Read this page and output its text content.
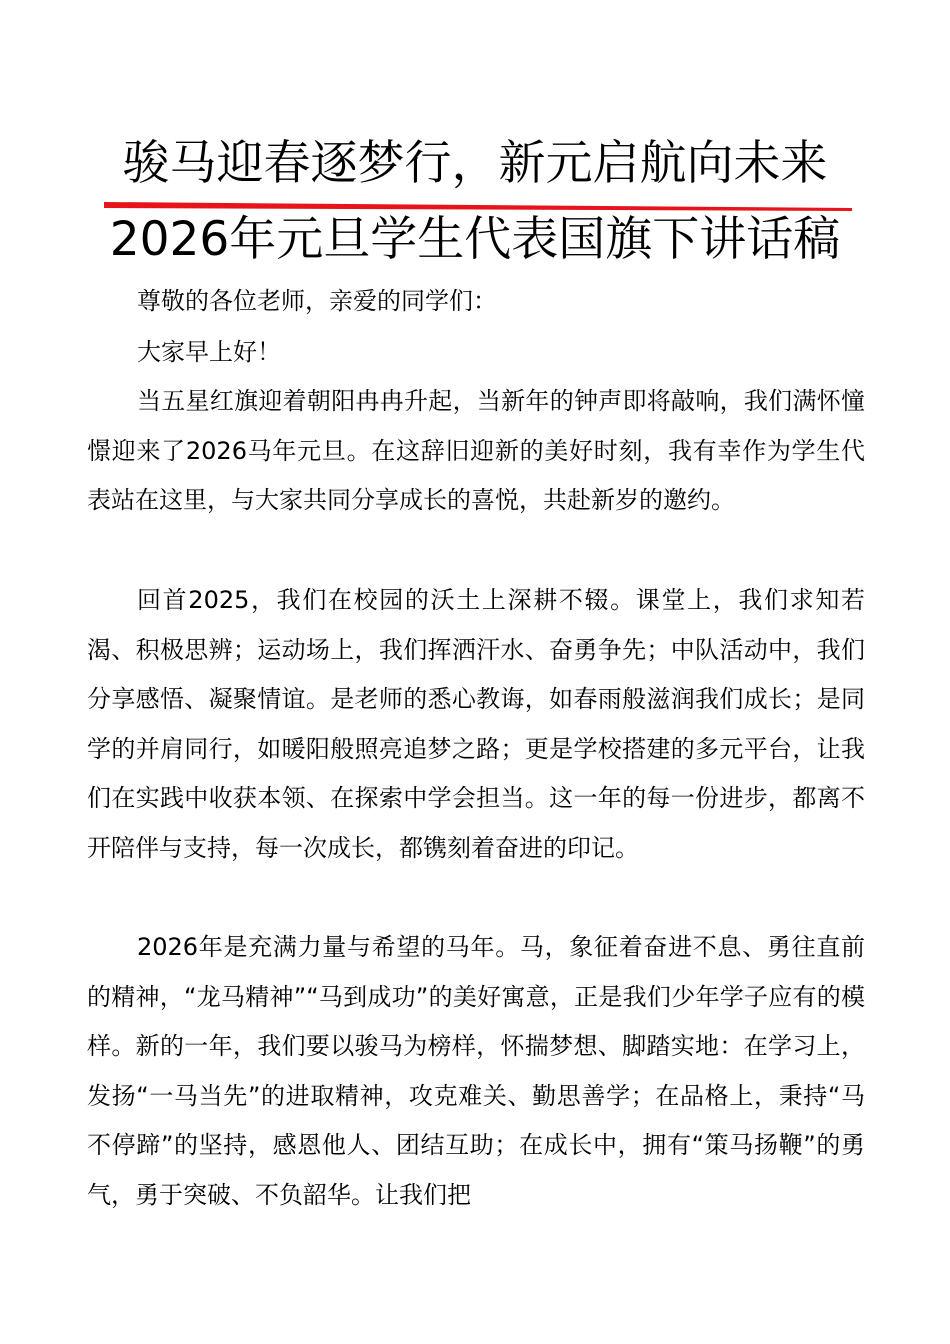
骏马迎春逐梦行，新元启航向未来
2026年元旦学生代表国旗下讲话稿
尊敬的各位老师，亲爱的同学们：
大家早上好！

当五星红旗迎着朝阳冉冉升起，当新年的钟声即将敲响，我们满怀憧憬迎来了2026马年元旦。在这辞旧迎新的美好时刻，我有幸作为学生代表站在这里，与大家共同分享成长的喜悦，共赴新岁的邀约。

回首2025，我们在校园的沃土上深耕不辍。课堂上，我们求知若渴、积极思辨；运动场上，我们挥洒汗水、奋勇争先；中队活动中，我们分享感悟、凝聚情谊。是老师的悉心教诲，如春雨般滋润我们成长；是同学的并肩同行，如暖阳般照亮追梦之路；更是学校搭建的多元平台，让我们在实践中收获本领、在探索中学会担当。这一年的每一份进步，都离不开陪伴与支持，每一次成长，都镌刻着奋进的印记。

2026年是充满力量与希望的马年。马，象征着奋进不息、勇往直前的精神，“龙马精神”“马到成功”的美好寓意，正是我们少年学子应有的模样。新的一年，我们要以骏马为榜样，怀揣梦想、脚踏实地：在学习上，发扬“一马当先”的进取精神，攻克难关、勤思善学；在品格上，秉持“马不停蹄”的坚持，感恩他人、团结互助；在成长中，拥有“策马扬鞭”的勇气，勇于突破、不负韶华。让我们把
